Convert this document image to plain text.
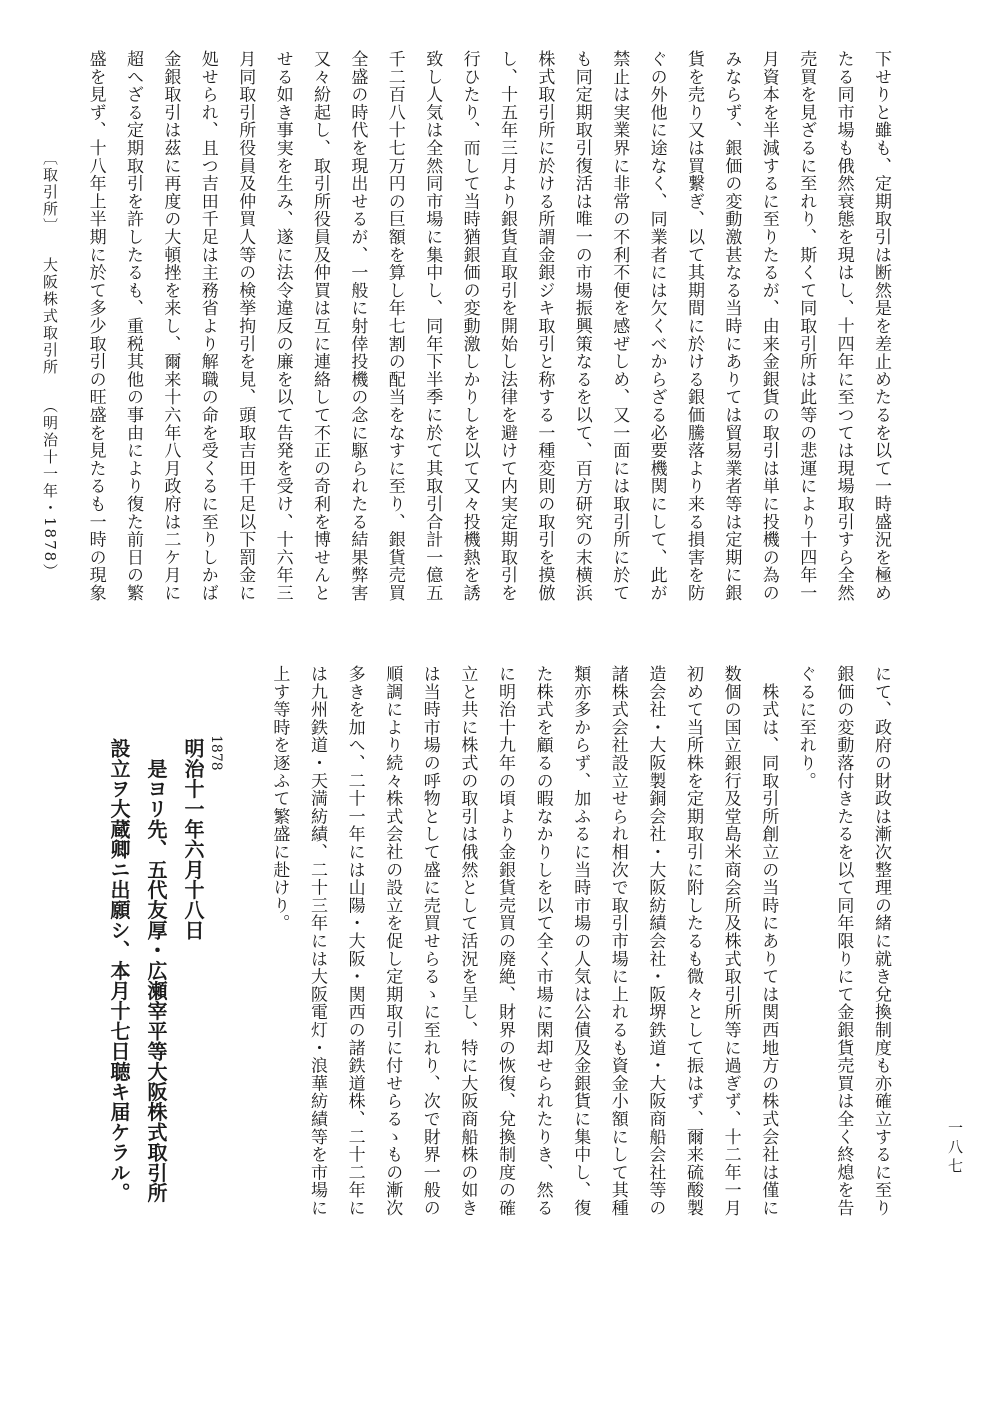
〔取引所〕大阪株式取引所（明治十一年・1878）	下せりと雖も、定期取引は断然是を差止めたるを以て一時盛況を極め
たる同市場も俄然衰態を現はし、十四年に至つては現場取引すら全然
売買を見ざるに至れり、斯くて同取引所は此等の悲運により十四年一
月資本を半減するに至りたるが、由来金銀貨の取引は単に投機の為の
みならず、銀価の変動激甚なる当時にありては貿易業者等は定期に銀
貨を売り又は買繋ぎ、以て其期間に於ける銀価騰落より来る損害を防
ぐの外他に途なく、同業者には欠くべからざる必要機関にして、此が
禁止は実業界に非常の不利不便を感ぜしめ、又一面には取引所に於て
も同定期取引復活は唯一の市場振興策なるを以て、百方研究の末横浜
株式取引所に於ける所謂金銀ジキ取引と称する一種変則の取引を摸倣
し、十五年三月より銀貨直取引を開始し法律を避けて内実定期取引を
行ひたり、而して当時猶銀価の変動激しかりしを以て又々投機熱を誘
致し人気は全然同市場に集中し、同年下半季に於て其取引合計一億五
千二百八十七万円の巨額を算し年七割の配当をなすに至り、銀貨売買
全盛の時代を現出せるが、一般に射倖投機の念に駆られたる結果弊害
又々紛起し、取引所役員及仲買は互に連絡して不正の奇利を博せんと
せる如き事実を生み、遂に法令違反の廉を以て告発を受け、十六年三
月同取引所役員及仲買人等の検挙拘引を見、頭取吉田千足以下罰金に
処せられ、且つ吉田千足は主務省より解職の命を受くるに至りしかば
金銀取引は茲に再度の大頓挫を来し、爾来十六年八月政府は二ケ月に
超へざる定期取引を許したるも、重税其他の事由により復た前日の繁
盛を見ず、十八年上半期に於て多少取引の旺盛を見たるも一時の現象
にて、政府の財政は漸次整理の緒に就き兌換制度も亦確立するに至り
銀価の変動落付きたるを以て同年限りにて金銀貨売買は全く終熄を告
ぐるに至れり。
　株式は、同取引所創立の当時にありては関西地方の株式会社は僅に
数個の国立銀行及堂島米商会所及株式取引所等に過ぎず、十二年一月
初めて当所株を定期取引に附したるも微々として振はず、爾来硫酸製
造会社・大阪製銅会社・大阪紡績会社・阪堺鉄道・大阪商船会社等の
諸株式会社設立せられ相次で取引市場に上れるも資金小額にして其種
類亦多からず、加ふるに当時市場の人気は公債及金銀貨に集中し、復
た株式を顧るの暇なかりしを以て全く市場に閑却せられたりき、然る
に明治十九年の頃より金銀貨売買の廃絶、財界の恢復、兌換制度の確
立と共に株式の取引は俄然として活況を呈し、特に大阪商船株の如き
は当時市場の呼物として盛に売買せらるゝに至れり、次で財界一般の
順調により続々株式会社の設立を促し定期取引に付せらるゝもの漸次
多きを加へ、二十一年には山陽・大阪・関西の諸鉄道株、二十二年に
は九州鉄道・天満紡績、二十三年には大阪電灯・浪華紡績等を市場に
上す等時を逐ふて繁盛に赴けり。
1878
明治十一年六月十八日
　是ヨリ先、五代友厚・広瀬宰平等大阪株式取引所
設立ヲ大蔵卿ニ出願シ、本月十七日聴キ届ケラル。	一八七
